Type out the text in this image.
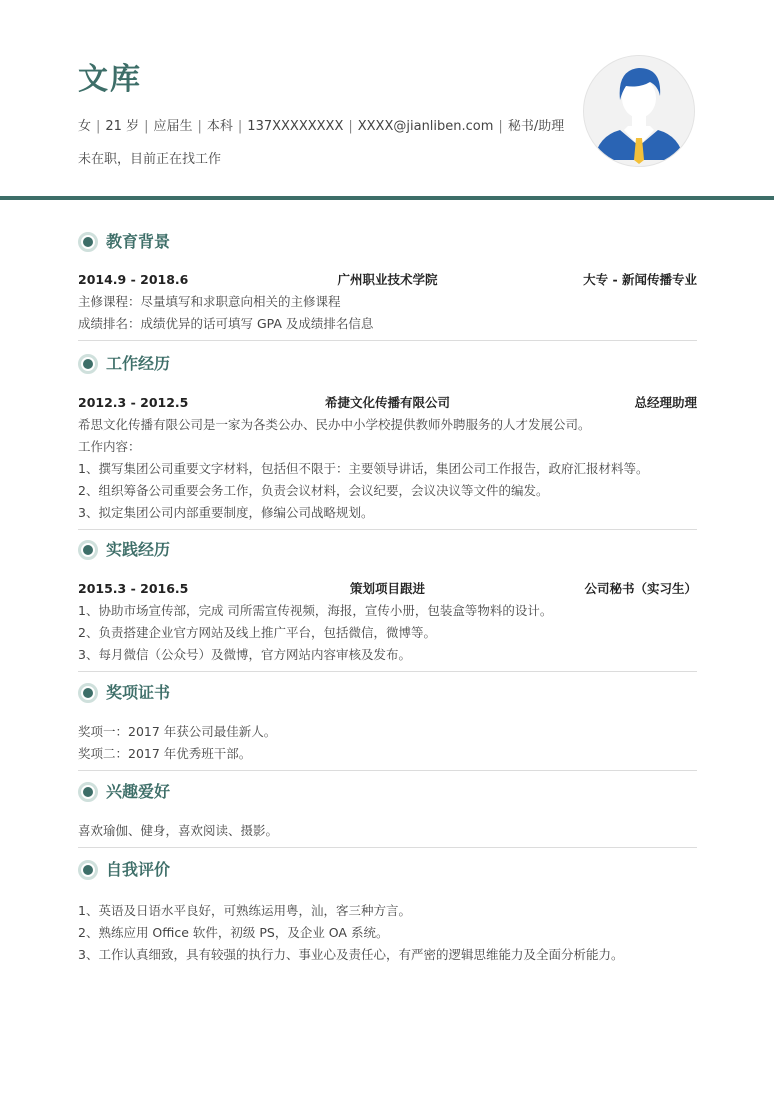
文库
女 | 21 岁 | 应届生 | 本科 | 137XXXXXXXX | XXXX@jianliben.com | 秘书/助理
未在职，目前正在找工作
教育背景
2014.9 - 2018.6	广州职业技术学院	大专 - 新闻传播专业
主修课程：尽量填写和求职意向相关的主修课程
成绩排名：成绩优异的话可填写 GPA 及成绩排名信息
工作经历
2012.3 - 2012.5	希捷文化传播有限公司	总经理助理
希思文化传播有限公司是一家为各类公办、民办中小学校提供教师外聘服务的人才发展公司。
工作内容：
1、撰写集团公司重要文字材料，包括但不限于：主要领导讲话，集团公司工作报告，政府汇报材料等。
2、组织筹备公司重要会务工作，负责会议材料，会议纪要，会议决议等文件的编发。
3、拟定集团公司内部重要制度，修编公司战略规划。
实践经历
2015.3 - 2016.5	策划项目跟进	公司秘书（实习生）
1、协助市场宣传部，完成 司所需宣传视频，海报，宣传小册，包装盒等物料的设计。
2、负责搭建企业官方网站及线上推广平台，包括微信，微博等。
3、每月微信（公众号）及微博，官方网站内容审核及发布。
奖项证书
奖项一：2017 年获公司最佳新人。
奖项二：2017 年优秀班干部。
兴趣爱好
喜欢瑜伽、健身，喜欢阅读、摄影。
自我评价
1、英语及日语水平良好，可熟练运用粤，汕，客三种方言。
2、熟练应用 Office 软件，初级 PS，及企业 OA 系统。
3、工作认真细致，具有较强的执行力、事业心及责任心，有严密的逻辑思维能力及全面分析能力。
